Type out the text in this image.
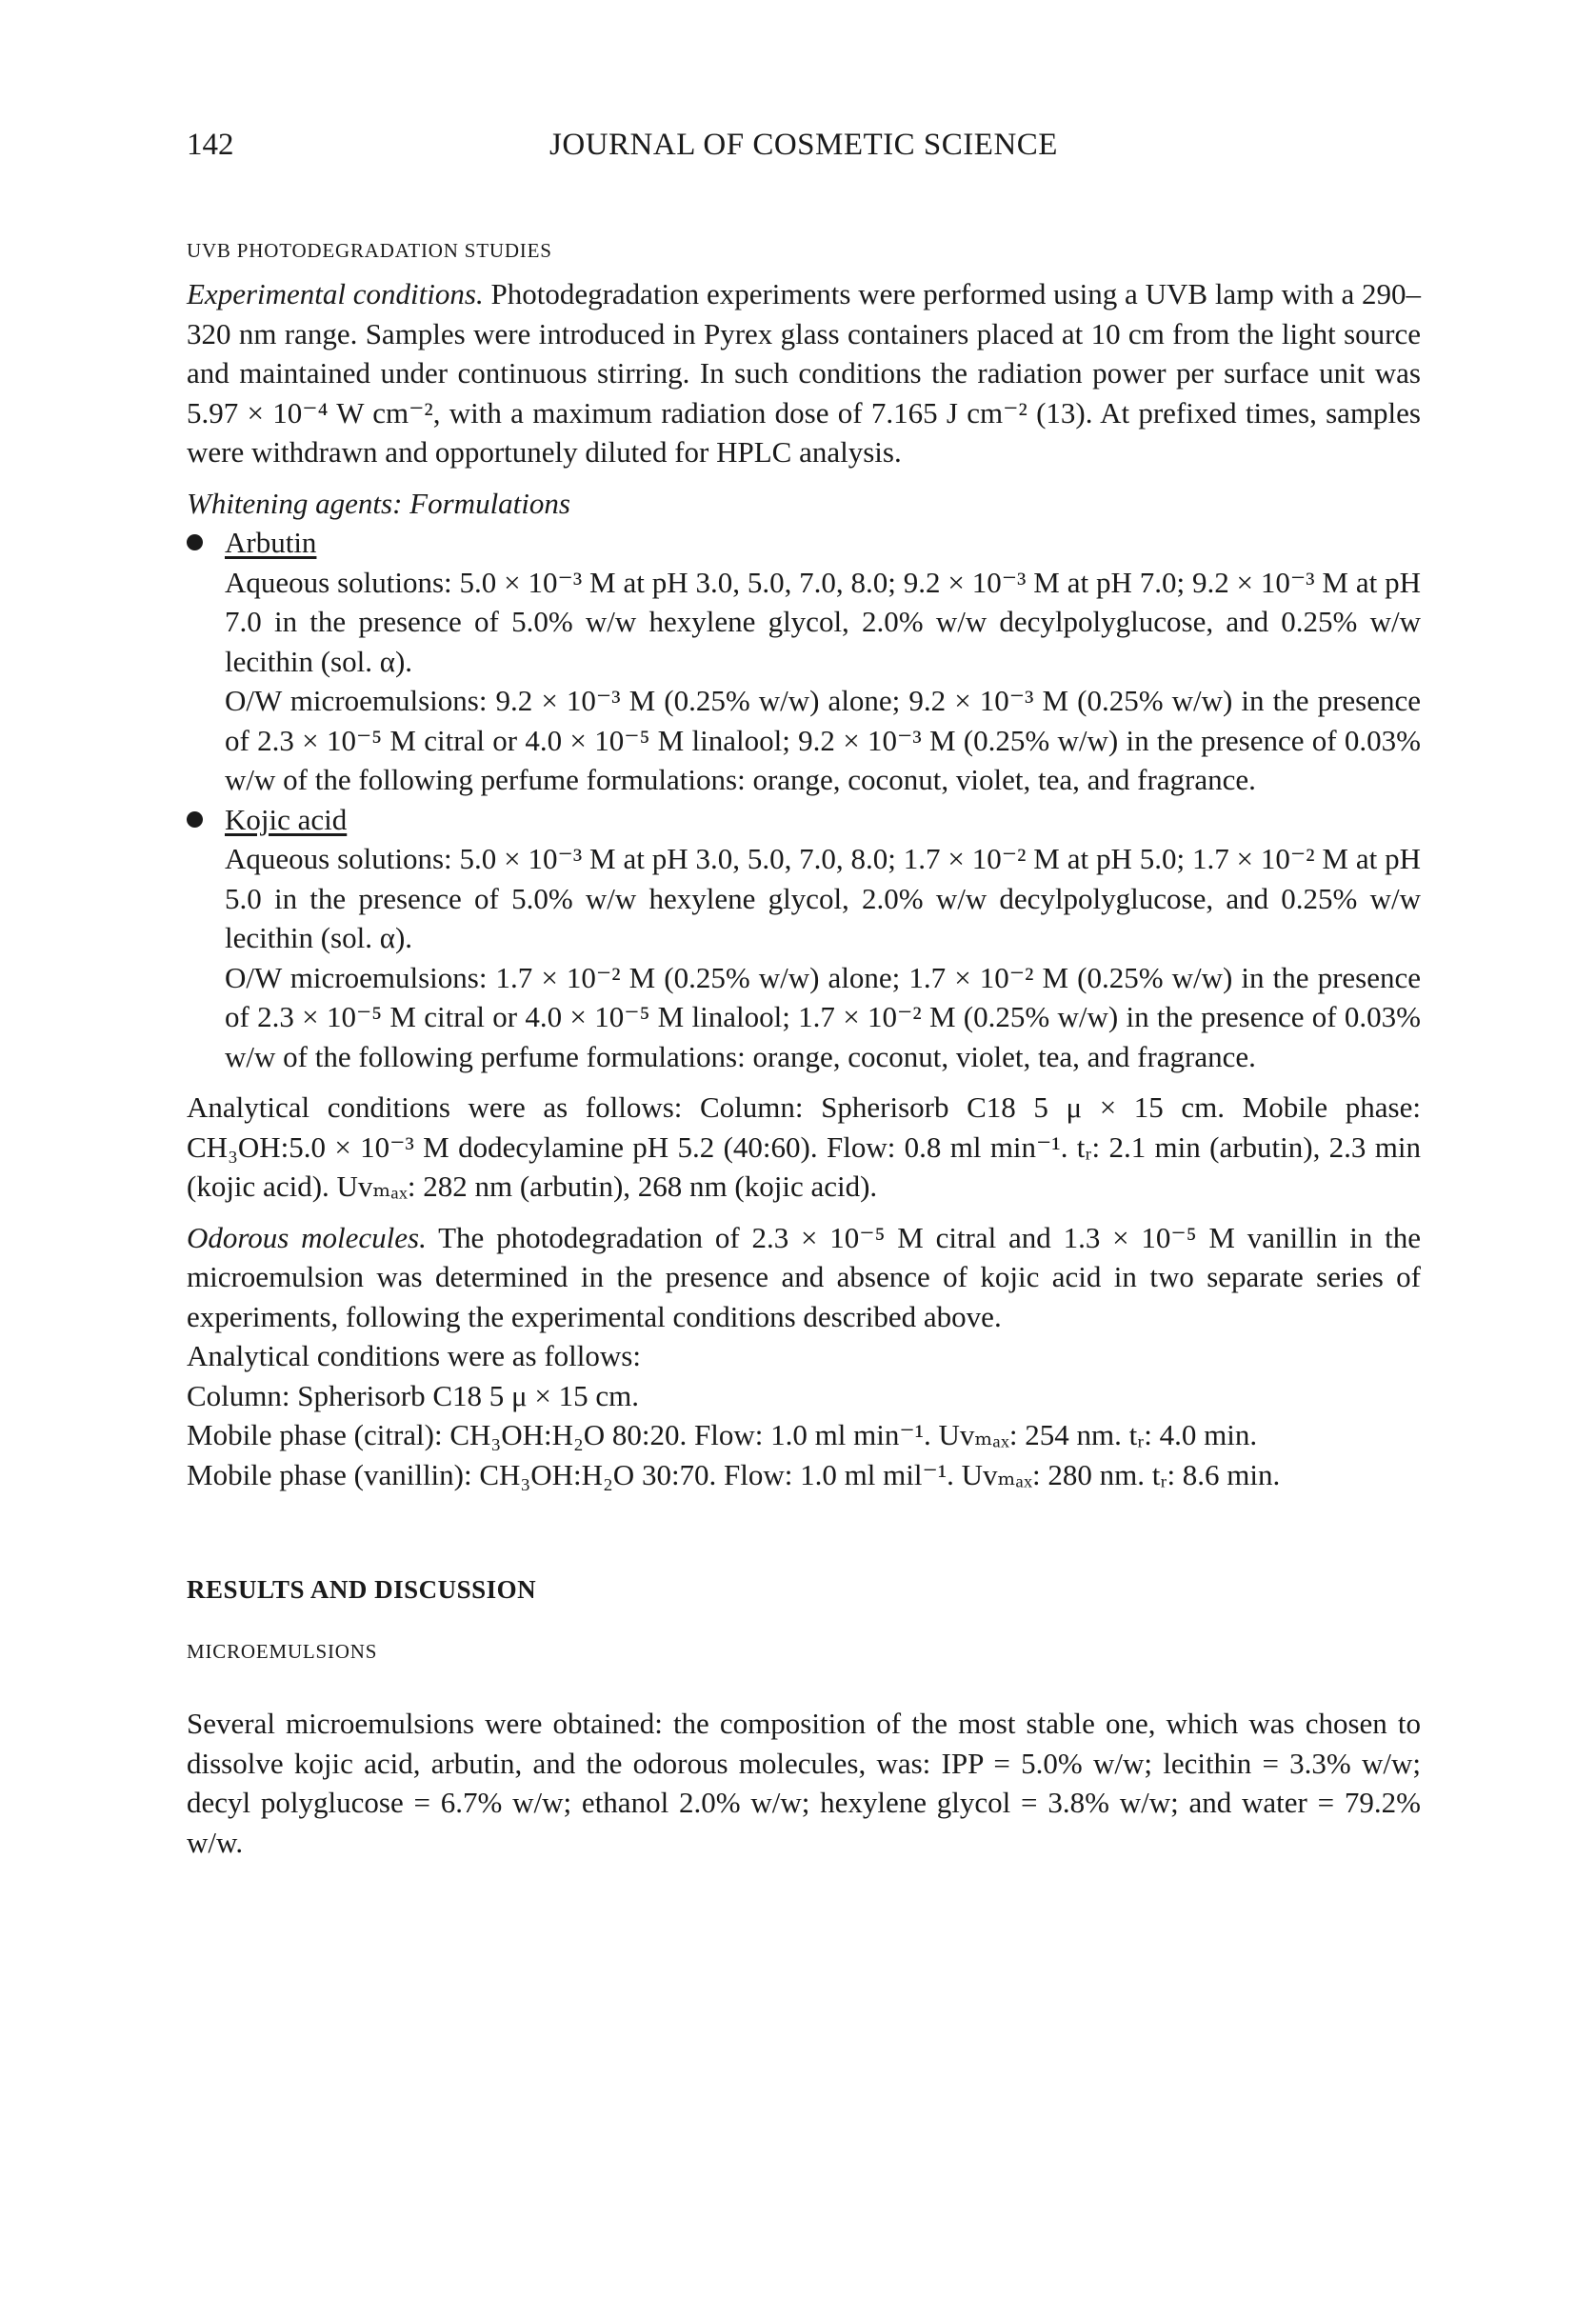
142	JOURNAL OF COSMETIC SCIENCE
UVB PHOTODEGRADATION STUDIES

Experimental conditions. Photodegradation experiments were performed using a UVB lamp with a 290–320 nm range. Samples were introduced in Pyrex glass containers placed at 10 cm from the light source and maintained under continuous stirring. In such conditions the radiation power per surface unit was 5.97 × 10⁻⁴ W cm⁻², with a maximum radiation dose of 7.165 J cm⁻² (13). At prefixed times, samples were withdrawn and opportunely diluted for HPLC analysis.

Whitening agents: Formulations

Arbutin

Aqueous solutions: 5.0 × 10⁻³ M at pH 3.0, 5.0, 7.0, 8.0; 9.2 × 10⁻³ M at pH 7.0; 9.2 × 10⁻³ M at pH 7.0 in the presence of 5.0% w/w hexylene glycol, 2.0% w/w decylpolyglucose, and 0.25% w/w lecithin (sol. α).

O/W microemulsions: 9.2 × 10⁻³ M (0.25% w/w) alone; 9.2 × 10⁻³ M (0.25% w/w) in the presence of 2.3 × 10⁻⁵ M citral or 4.0 × 10⁻⁵ M linalool; 9.2 × 10⁻³ M (0.25% w/w) in the presence of 0.03% w/w of the following perfume formulations: orange, coconut, violet, tea, and fragrance.

Kojic acid

Aqueous solutions: 5.0 × 10⁻³ M at pH 3.0, 5.0, 7.0, 8.0; 1.7 × 10⁻² M at pH 5.0; 1.7 × 10⁻² M at pH 5.0 in the presence of 5.0% w/w hexylene glycol, 2.0% w/w decylpolyglucose, and 0.25% w/w lecithin (sol. α).

O/W microemulsions: 1.7 × 10⁻² M (0.25% w/w) alone; 1.7 × 10⁻² M (0.25% w/w) in the presence of 2.3 × 10⁻⁵ M citral or 4.0 × 10⁻⁵ M linalool; 1.7 × 10⁻² M (0.25% w/w) in the presence of 0.03% w/w of the following perfume formulations: orange, coconut, violet, tea, and fragrance.

Analytical conditions were as follows: Column: Spherisorb C18 5 μ × 15 cm. Mobile phase: CH₃OH:5.0 × 10⁻³ M dodecylamine pH 5.2 (40:60). Flow: 0.8 ml min⁻¹. tᵣ: 2.1 min (arbutin), 2.3 min (kojic acid). Uvₘₐₓ: 282 nm (arbutin), 268 nm (kojic acid).

Odorous molecules. The photodegradation of 2.3 × 10⁻⁵ M citral and 1.3 × 10⁻⁵ M vanillin in the microemulsion was determined in the presence and absence of kojic acid in two separate series of experiments, following the experimental conditions described above.

Analytical conditions were as follows:

Column: Spherisorb C18 5 μ × 15 cm.

Mobile phase (citral): CH₃OH:H₂O 80:20. Flow: 1.0 ml min⁻¹. Uvₘₐₓ: 254 nm. tᵣ: 4.0 min.

Mobile phase (vanillin): CH₃OH:H₂O 30:70. Flow: 1.0 ml mil⁻¹. Uvₘₐₓ: 280 nm. tᵣ: 8.6 min.

RESULTS AND DISCUSSION
MICROEMULSIONS

Several microemulsions were obtained: the composition of the most stable one, which was chosen to dissolve kojic acid, arbutin, and the odorous molecules, was: IPP = 5.0% w/w; lecithin = 3.3% w/w; decyl polyglucose = 6.7% w/w; ethanol 2.0% w/w; hexylene glycol = 3.8% w/w; and water = 79.2% w/w.
